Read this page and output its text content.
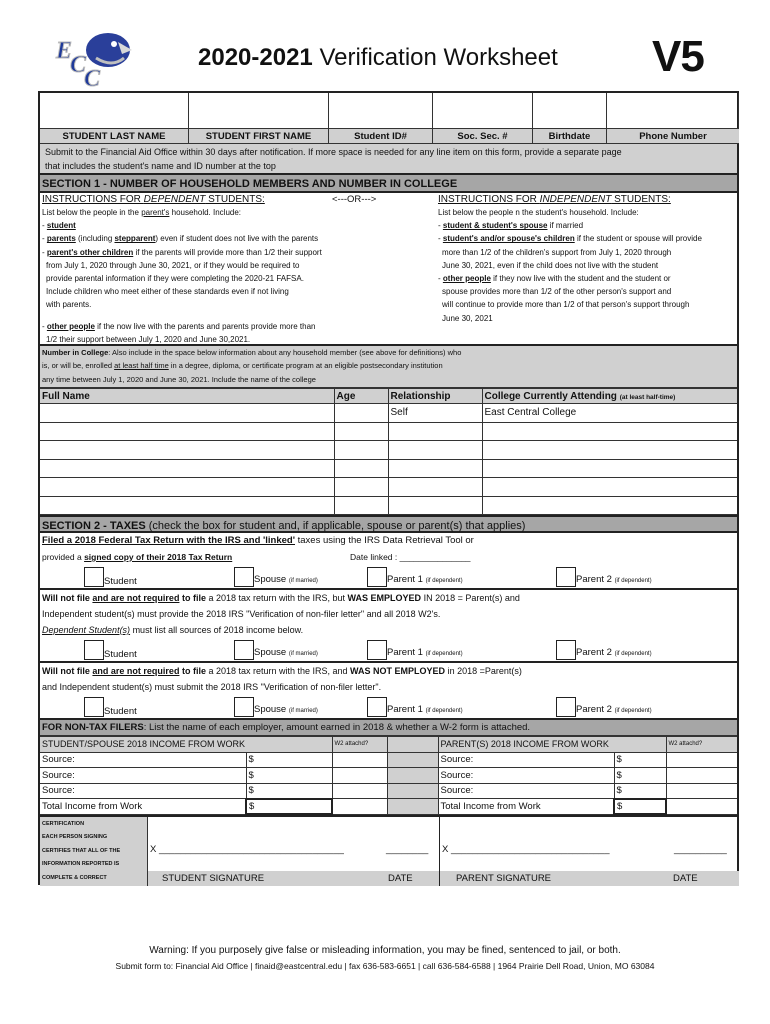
E
C
C
2020-2021 Verification Worksheet V5
STUDENT LAST NAME	STUDENT FIRST NAME	Student ID#	Soc. Sec. #	Birthdate	Phone Number
Submit to the Financial Aid Office within 30 days after notification. If more space is needed for any line item on this form, provide a separate page
that includes the student's name and ID number at the top
SECTION 1 - NUMBER OF HOUSEHOLD MEMBERS AND NUMBER IN COLLEGE
INSTRUCTIONS FOR DEPENDENT STUDENTS:
List below the people in the parent's household. Include:
- student
- parents (including stepparent) even if student does not live with the parents
- parent's other children if the parents will provide more than 1/2 their support
from July 1, 2020 through June 30, 2021, or if they would be required to
provide parental information if they were completing the 2020-21 FAFSA.
Include children who meet either of these standards even if not living
with parents.
<---OR--->	INSTRUCTIONS FOR INDEPENDENT STUDENTS:
List below the people n the student's household. Include:
- student & student's spouse if married
- student's and/or spouse's children if the student or spouse will provide
more than 1/2 of the children's support from July 1, 2020 through
June 30, 2021, even if the child does not live with the student
- other people if they now live with the student and the student or
spouse provides more than 1/2 of the other person's support and
will continue to provide more than 1/2 of that person's support through
June 30, 2021
- other people if the now live with the parents and parents provide more than
1/2 their support between July 1, 2020 and June 30,2021.
Number in College: Also include in the space below information about any household member (see above for definitions) who
is, or will be, enrolled at least half time in a degree, diploma, or certificate program at an eligible postsecondary institution
any time between July 1, 2020 and June 30, 2021. Include the name of the college
Full Name	Age	Relationship	College Currently Attending (at least half-time)
		Self	East Central College

SECTION 2 - TAXES (check the box for student and, if applicable, spouse or parent(s) that applies)
Filed a 2018 Federal Tax Return with the IRS and 'linked' taxes using the IRS Data Retrieval Tool or
provided a signed copy of their 2018 Tax Return	Date linked : _______________
Student	Spouse (if married)	Parent 1 (if dependent)	Parent 2 (if dependent)
Will not file and are not required to file a 2018 tax return with the IRS, but WAS EMPLOYED IN 2018 = Parent(s) and
Independent student(s) must provide the 2018 IRS "Verification of non-filer letter" and all 2018 W2's.
Dependent Student(s) must list all sources of 2018 income below.
Student	Spouse (if married)	Parent 1 (if dependent)	Parent 2 (if dependent)
Will not file and are not required to file a 2018 tax return with the IRS, and WAS NOT EMPLOYED in 2018 =Parent(s)
and Independent student(s) must submit the 2018 IRS "Verification of non-filer letter".
Student	Spouse (if married)	Parent 1 (if dependent)	Parent 2 (if dependent)
FOR NON-TAX FILERS: List the name of each employer, amount earned in 2018 & whether a W-2 form is attached.
STUDENT/SPOUSE 2018 INCOME FROM WORK		W2 attachd?		PARENT(S) 2018 INCOME FROM WORK		W2 attachd?
Source:	$			Source:	$	
Source:	$			Source:	$	
Source:	$			Source:	$	
Total Income from Work	$			Total Income from Work	$	
CERTIFICATION
EACH PERSON SIGNING
CERTIFIES THAT ALL OF THE
INFORMATION REPORTED IS
COMPLETE & CORRECT
X ___________________________________	________
STUDENT SIGNATURE	DATE
X ______________________________	__________
PARENT SIGNATURE	DATE
Warning: If you purposely give false or misleading information, you may be fined, sentenced to jail, or both.
Submit form to: Financial Aid Office | finaid@eastcentral.edu | fax 636-583-6651 | call 636-584-6588 | 1964 Prairie Dell Road, Union, MO 63084
